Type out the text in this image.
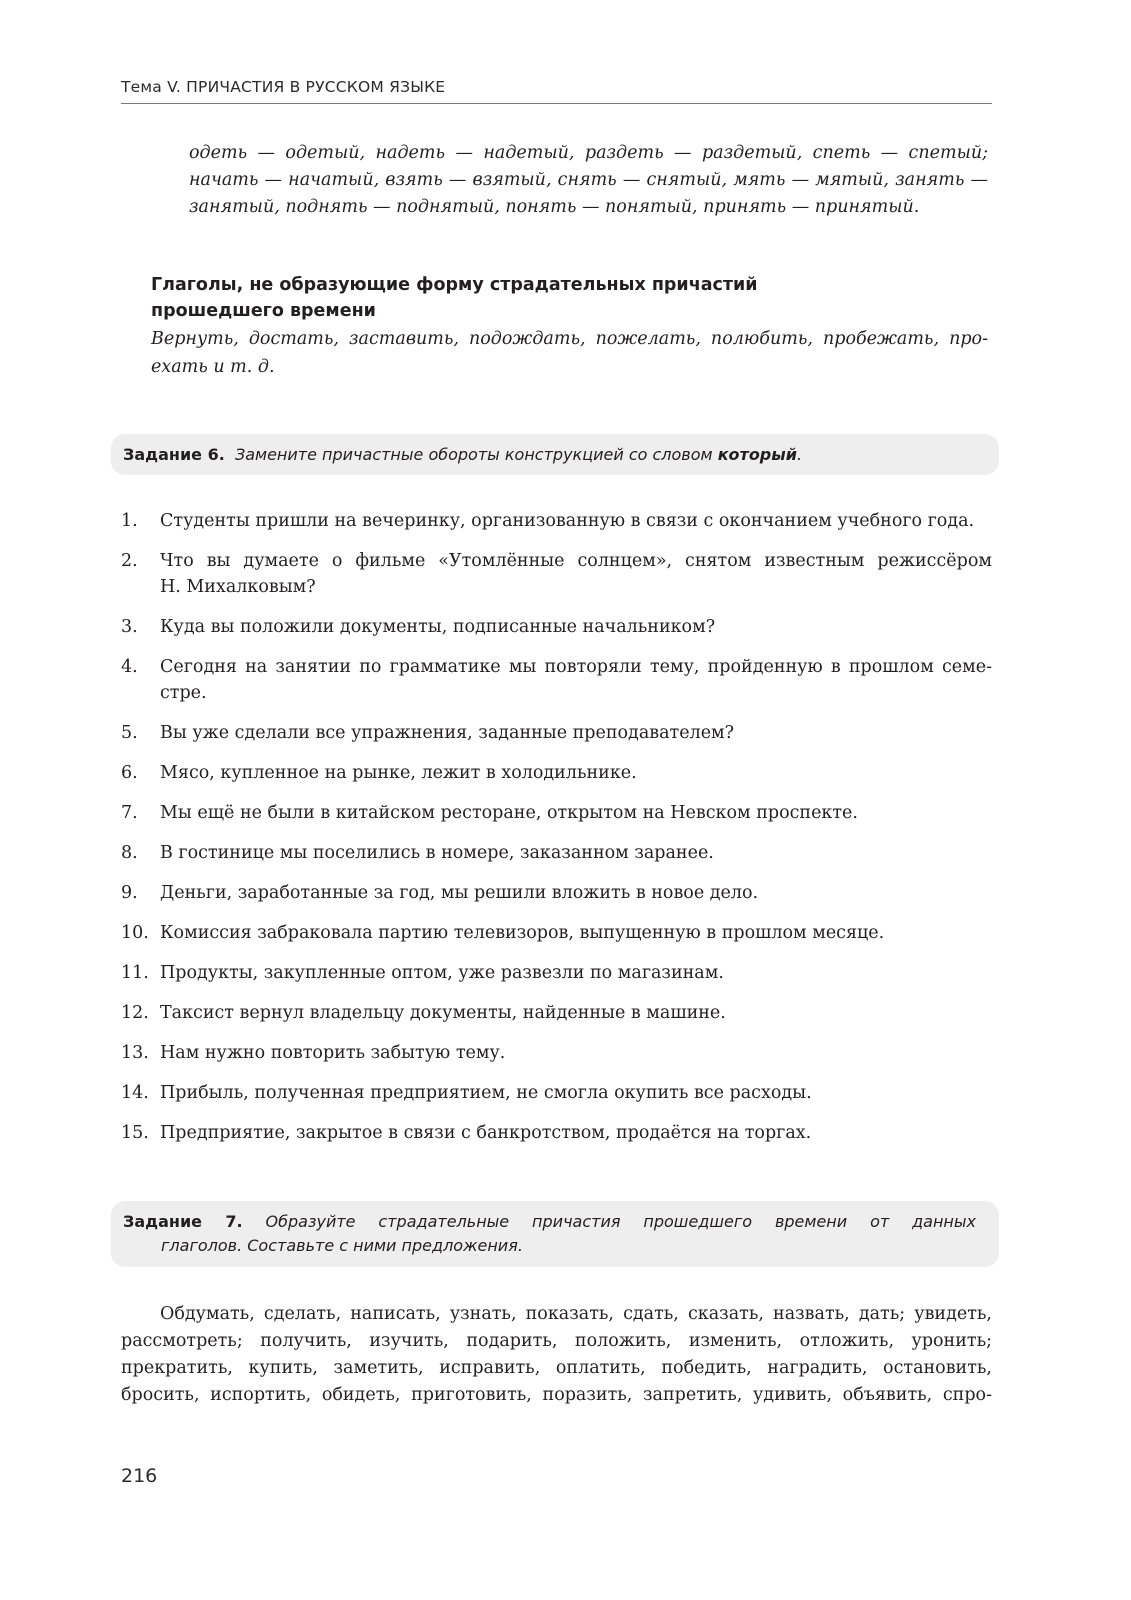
Тема V. ПРИЧАСТИЯ В РУССКОМ ЯЗЫКЕ
одеть — одетый, надеть — надетый, раздеть — раздетый, спеть — спетый;
начать — начатый, взять — взятый, снять — снятый, мять — мятый, занять —
занятый, поднять — поднятый, понять — понятый, принять — принятый.
Глаголы, не образующие форму страдательных причастий
прошедшего времени
Вернуть, достать, заставить, подождать, пожелать, полюбить, пробежать, про-
ехать и т. д.
Задание 6. Замените причастные обороты конструкцией со словом который.
1. Студенты пришли на вечеринку, организованную в связи с окончанием учебного года.
2. Что вы думаете о фильме «Утомлённые солнцем», снятом известным режиссёром
Н. Михалковым?
3. Куда вы положили документы, подписанные начальником?
4. Сегодня на занятии по грамматике мы повторяли тему, пройденную в прошлом семе-
стре.
5. Вы уже сделали все упражнения, заданные преподавателем?
6. Мясо, купленное на рынке, лежит в холодильнике.
7. Мы ещё не были в китайском ресторане, открытом на Невском проспекте.
8. В гостинице мы поселились в номере, заказанном заранее.
9. Деньги, заработанные за год, мы решили вложить в новое дело.
10. Комиссия забраковала партию телевизоров, выпущенную в прошлом месяце.
11. Продукты, закупленные оптом, уже развезли по магазинам.
12. Таксист вернул владельцу документы, найденные в машине.
13. Нам нужно повторить забытую тему.
14. Прибыль, полученная предприятием, не смогла окупить все расходы.
15. Предприятие, закрытое в связи с банкротством, продаётся на торгах.
Задание 7. Образуйте страдательные причастия прошедшего времени от данных
глаголов. Составьте с ними предложения.
Обдумать, сделать, написать, узнать, показать, сдать, сказать, назвать, дать; увидеть,
рассмотреть; получить, изучить, подарить, положить, изменить, отложить, уронить;
прекратить, купить, заметить, исправить, оплатить, победить, наградить, остановить,
бросить, испортить, обидеть, приготовить, поразить, запретить, удивить, объявить, спро-
216
